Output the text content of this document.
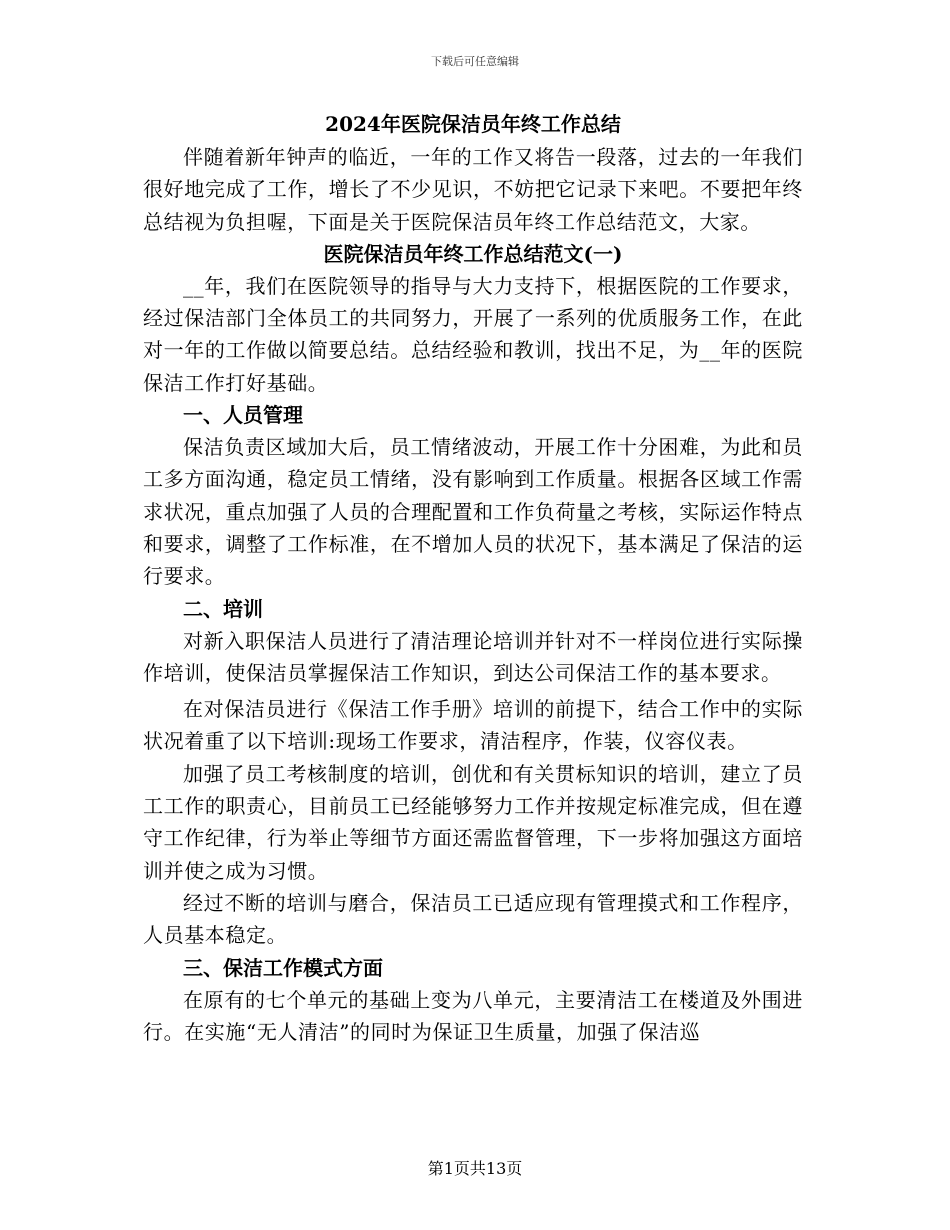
下载后可任意编辑

2024年医院保洁员年终工作总结

伴随着新年钟声的临近，一年的工作又将告一段落，过去的一年我们很好地完成了工作，增长了不少见识，不妨把它记录下来吧。不要把年终总结视为负担喔，下面是关于医院保洁员年终工作总结范文，大家。

医院保洁员年终工作总结范文(一)

__年，我们在医院领导的指导与大力支持下，根据医院的工作要求，经过保洁部门全体员工的共同努力，开展了一系列的优质服务工作，在此对一年的工作做以简要总结。总结经验和教训，找出不足，为__年的医院保洁工作打好基础。

一、人员管理

保洁负责区域加大后，员工情绪波动，开展工作十分困难，为此和员工多方面沟通，稳定员工情绪，没有影响到工作质量。根据各区域工作需求状况，重点加强了人员的合理配置和工作负荷量之考核，实际运作特点和要求，调整了工作标准，在不增加人员的状况下，基本满足了保洁的运行要求。

二、培训

对新入职保洁人员进行了清洁理论培训并针对不一样岗位进行实际操作培训，使保洁员掌握保洁工作知识，到达公司保洁工作的基本要求。

在对保洁员进行《保洁工作手册》培训的前提下，结合工作中的实际状况着重了以下培训:现场工作要求，清洁程序，作装，仪容仪表。

加强了员工考核制度的培训，创优和有关贯标知识的培训，建立了员工工作的职责心，目前员工已经能够努力工作并按规定标准完成，但在遵守工作纪律，行为举止等细节方面还需监督管理，下一步将加强这方面培训并使之成为习惯。

经过不断的培训与磨合，保洁员工已适应现有管理摸式和工作程序，人员基本稳定。

三、保洁工作模式方面

在原有的七个单元的基础上变为八单元，主要清洁工在楼道及外围进行。在实施“无人清洁”的同时为保证卫生质量，加强了保洁巡

第1页共13页
